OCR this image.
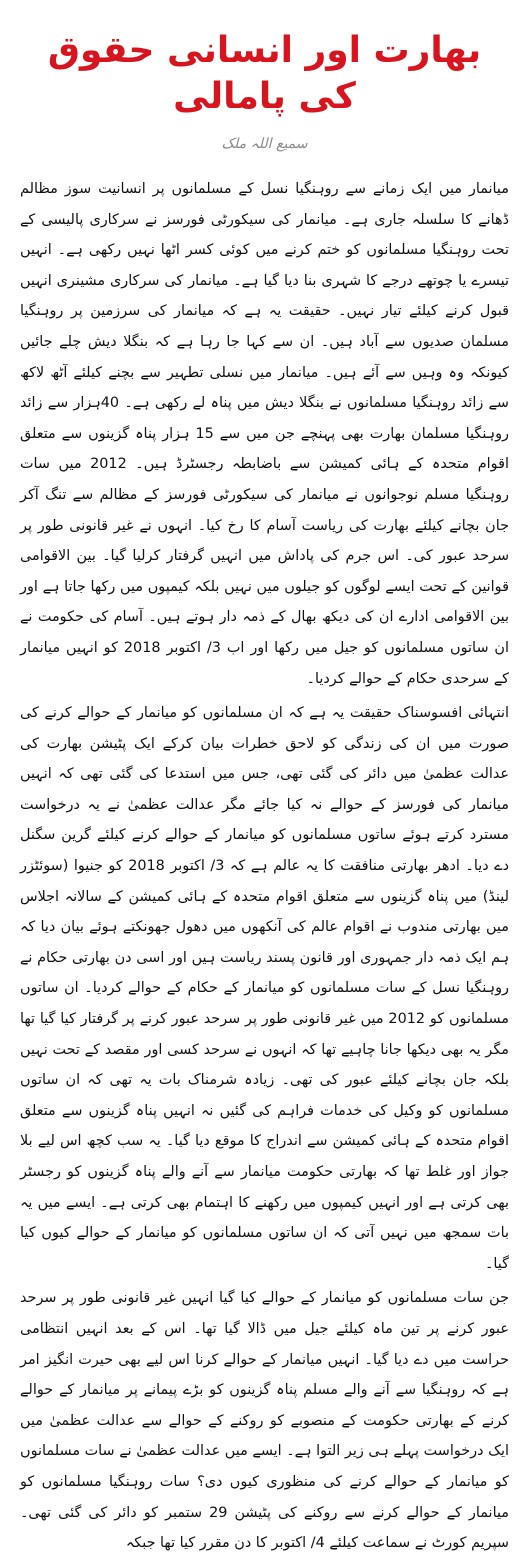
بھارت اور انسانی حقوق کی پامالی
سمیع اللہ ملک

میانمار میں ایک زمانے سے روہنگیا نسل کے مسلمانوں پر انسانیت سوز مظالم ڈھانے کا سلسلہ جاری ہے۔ میانمار کی سیکورٹی فورسز نے سرکاری پالیسی کے تحت روہنگیا مسلمانوں کو ختم کرنے میں کوئی کسر اٹھا نہیں رکھی ہے۔ انہیں تیسرے یا چوتھے درجے کا شہری بنا دیا گیا ہے۔ میانمار کی سرکاری مشینری انہیں قبول کرنے کیلئے تیار نہیں۔ حقیقت یہ ہے کہ میانمار کی سرزمین پر روہنگیا مسلمان صدیوں سے آباد ہیں۔ ان سے کہا جا رہا ہے کہ بنگلا دیش چلے جائیں کیونکہ وہ وہیں سے آئے ہیں۔ میانمار میں نسلی تطہیر سے بچنے کیلئے آٹھ لاکھ سے زائد روہنگیا مسلمانوں نے بنگلا دیش میں پناہ لے رکھی ہے۔ 40ہزار سے زائد روہنگیا مسلمان بھارت بھی پہنچے جن میں سے 15 ہزار پناہ گزینوں سے متعلق اقوام متحدہ کے ہائی کمیشن سے باضابطہ رجسٹرڈ ہیں۔ 2012 میں سات روہنگیا مسلم نوجوانوں نے میانمار کی سیکورٹی فورسز کے مظالم سے تنگ آکر جان بچانے کیلئے بھارت کی ریاست آسام کا رخ کیا۔ انہوں نے غیر قانونی طور پر سرحد عبور کی۔ اس جرم کی پاداش میں انہیں گرفتار کرلیا گیا۔ بین الاقوامی قوانین کے تحت ایسے لوگوں کو جیلوں میں نہیں بلکہ کیمپوں میں رکھا جاتا ہے اور بین الاقوامی ادارے ان کی دیکھ بھال کے ذمہ دار ہوتے ہیں۔ آسام کی حکومت نے ان ساتوں مسلمانوں کو جیل میں رکھا اور اب 3/ اکتوبر 2018 کو انہیں میانمار کے سرحدی حکام کے حوالے کردیا۔

انتہائی افسوسناک حقیقت یہ ہے کہ ان مسلمانوں کو میانمار کے حوالے کرنے کی صورت میں ان کی زندگی کو لاحق خطرات بیان کرکے ایک پٹیشن بھارت کی عدالت عظمیٰ میں دائر کی گئی تھی، جس میں استدعا کی گئی تھی کہ انہیں میانمار کی فورسز کے حوالے نہ کیا جائے مگر عدالت عظمیٰ نے یہ درخواست مسترد کرتے ہوئے ساتوں مسلمانوں کو میانمار کے حوالے کرنے کیلئے گرین سگنل دے دیا۔ ادھر بھارتی منافقت کا یہ عالم ہے کہ 3/ اکتوبر 2018 کو جنیوا (سوئٹزر لینڈ) میں پناہ گزینوں سے متعلق اقوام متحدہ کے ہائی کمیشن کے سالانہ اجلاس میں بھارتی مندوب نے اقوام عالم کی آنکھوں میں دھول جھونکتے ہوئے بیان دیا کہ ہم ایک ذمہ دار جمہوری اور قانون پسند ریاست ہیں اور اسی دن بھارتی حکام نے روہنگیا نسل کے سات مسلمانوں کو میانمار کے حکام کے حوالے کردیا۔ ان ساتوں مسلمانوں کو 2012 میں غیر قانونی طور پر سرحد عبور کرنے پر گرفتار کیا گیا تھا مگر یہ بھی دیکھا جانا چاہیے تھا کہ انہوں نے سرحد کسی اور مقصد کے تحت نہیں بلکہ جان بچانے کیلئے عبور کی تھی۔ زیادہ شرمناک بات یہ تھی کہ ان ساتوں مسلمانوں کو وکیل کی خدمات فراہم کی گئیں نہ انہیں پناہ گزینوں سے متعلق اقوام متحدہ کے ہائی کمیشن سے اندراج کا موقع دیا گیا۔ یہ سب کچھ اس لیے بلا جواز اور غلط تھا کہ بھارتی حکومت میانمار سے آنے والے پناہ گزینوں کو رجسٹر بھی کرتی ہے اور انہیں کیمپوں میں رکھنے کا اہتمام بھی کرتی ہے۔ ایسے میں یہ بات سمجھ میں نہیں آتی کہ ان ساتوں مسلمانوں کو میانمار کے حوالے کیوں کیا گیا۔

جن سات مسلمانوں کو میانمار کے حوالے کیا گیا انہیں غیر قانونی طور پر سرحد عبور کرنے پر تین ماہ کیلئے جیل میں ڈالا گیا تھا۔ اس کے بعد انہیں انتظامی حراست میں دے دیا گیا۔ انہیں میانمار کے حوالے کرنا اس لیے بھی حیرت انگیز امر ہے کہ روہنگیا سے آنے والے مسلم پناہ گزینوں کو بڑے پیمانے پر میانمار کے حوالے کرنے کے بھارتی حکومت کے منصوبے کو روکنے کے حوالے سے عدالت عظمیٰ میں ایک درخواست پہلے ہی زیر التوا ہے۔ ایسے میں عدالت عظمیٰ نے سات مسلمانوں کو میانمار کے حوالے کرنے کی منظوری کیوں دی؟ سات روہنگیا مسلمانوں کو میانمار کے حوالے کرنے سے روکنے کی پٹیشن 29 ستمبر کو دائر کی گئی تھی۔ سپریم کورٹ نے سماعت کیلئے 4/ اکتوبر کا دن مقرر کیا تھا جبکہ
